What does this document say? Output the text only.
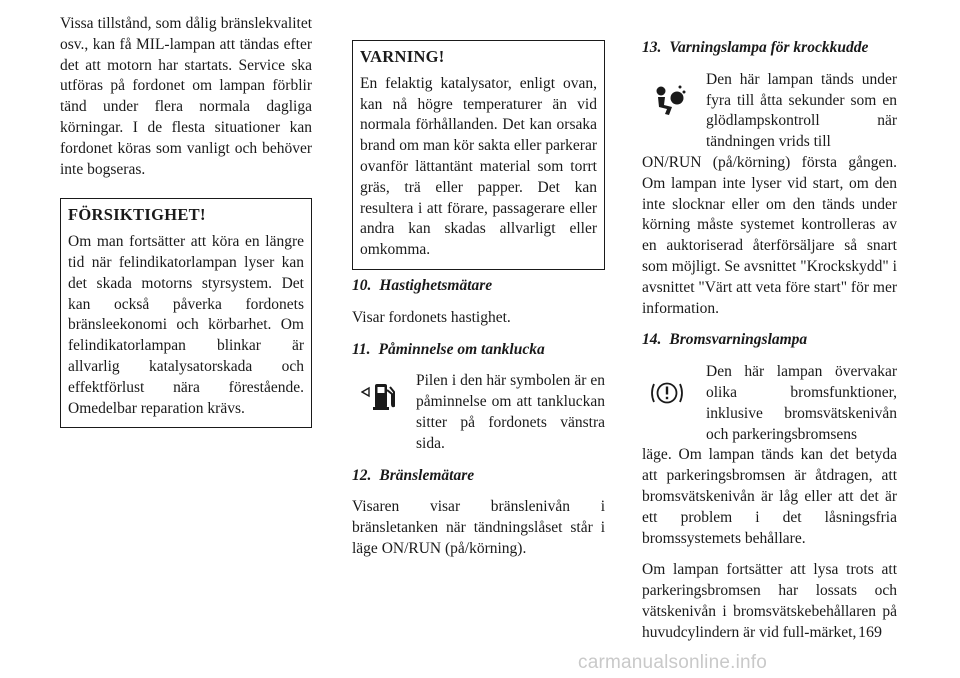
Vissa tillstånd, som dålig bränslekvalitet osv., kan få MIL-lampan att tändas efter det att motorn har startats. Service ska utföras på fordonet om lampan förblir tänd under flera normala dagliga körningar. I de flesta situationer kan fordonet köras som vanligt och behöver inte bogseras.

FÖRSIKTIGHET!

Om man fortsätter att köra en längre tid när felindikatorlampan lyser kan det skada motorns styrsystem. Det kan också påverka fordonets bränsleekonomi och körbarhet. Om felindikatorlampan blinkar är allvarlig katalysatorskada och effektförlust nära förestående. Omedelbar reparation krävs.

VARNING!

En felaktig katalysator, enligt ovan, kan nå högre temperaturer än vid normala förhållanden. Det kan orsaka brand om man kör sakta eller parkerar ovanför lättantänt material som torrt gräs, trä eller papper. Det kan resultera i att förare, passagerare eller andra kan skadas allvarligt eller omkomma.

10. Hastighetsmätare

Visar fordonets hastighet.

11. Påminnelse om tanklucka

Pilen i den här symbolen är en påminnelse om att tankluckan sitter på fordonets vänstra sida.

12. Bränslemätare

Visaren visar bränslenivån i bränsletanken när tändningslåset står i läge ON/RUN (på/körning).

13. Varningslampa för krockkudde

Den här lampan tänds under fyra till åtta sekunder som en glödlampskontroll när tändningen vrids till

ON/RUN (på/körning) första gången. Om lampan inte lyser vid start, om den inte slocknar eller om den tänds under körning måste systemet kontrolleras av en auktoriserad återförsäljare så snart som möjligt. Se avsnittet "Krockskydd" i avsnittet "Värt att veta före start" för mer information.

14. Bromsvarningslampa

Den här lampan övervakar olika bromsfunktioner, inklusive bromsvätskenivån och parkeringsbromsens

läge. Om lampan tänds kan det betyda att parkeringsbromsen är åtdragen, att bromsvätskenivån är låg eller att det är ett problem i det låsningsfria bromssystemets behållare.

Om lampan fortsätter att lysa trots att parkeringsbromsen har lossats och vätskenivån i bromsvätskebehållaren på huvudcylindern är vid full-märket, 169
carmanualsonline.info
